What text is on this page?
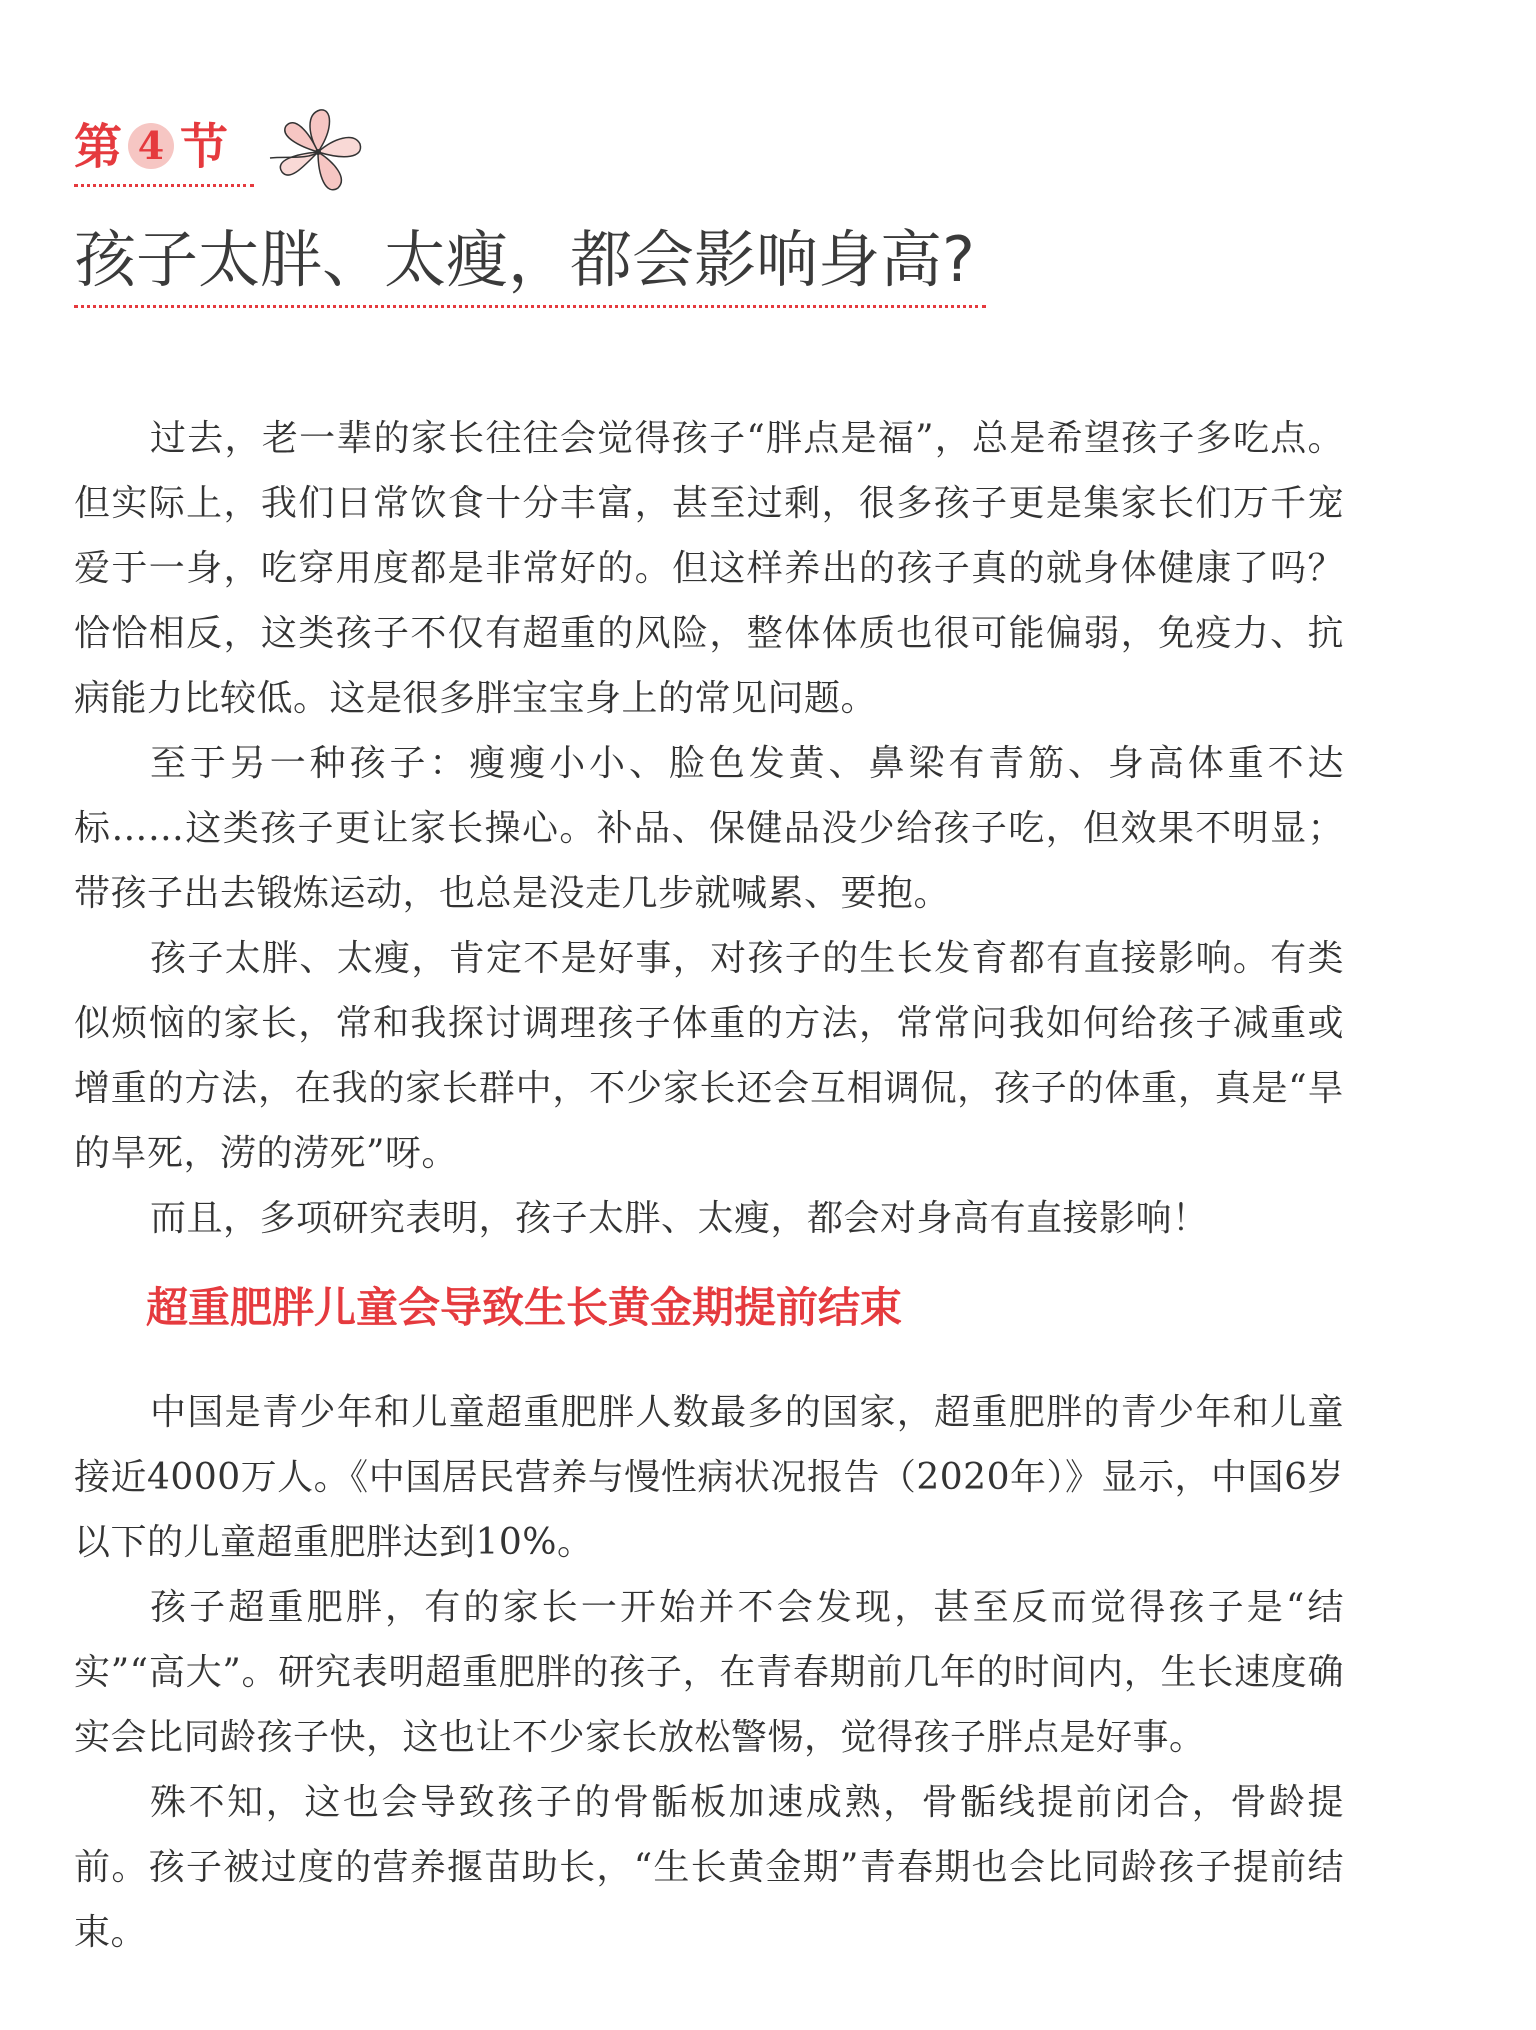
第 4 节
孩子太胖、太瘦，都会影响身高?

过去，老一辈的家长往往会觉得孩子“胖点是福”，总是希望孩子多吃点。但实际上，我们日常饮食十分丰富，甚至过剩，很多孩子更是集家长们万千宠爱于一身，吃穿用度都是非常好的。但这样养出的孩子真的就身体健康了吗？恰恰相反，这类孩子不仅有超重的风险，整体体质也很可能偏弱，免疫力、抗病能力比较低。这是很多胖宝宝身上的常见问题。

至于另一种孩子：瘦瘦小小、脸色发黄、鼻梁有青筋、身高体重不达标……这类孩子更让家长操心。补品、保健品没少给孩子吃，但效果不明显；带孩子出去锻炼运动，也总是没走几步就喊累、要抱。

孩子太胖、太瘦，肯定不是好事，对孩子的生长发育都有直接影响。有类似烦恼的家长，常和我探讨调理孩子体重的方法，常常问我如何给孩子减重或增重的方法，在我的家长群中，不少家长还会互相调侃，孩子的体重，真是“旱的旱死，涝的涝死”呀。

而且，多项研究表明，孩子太胖、太瘦，都会对身高有直接影响！

超重肥胖儿童会导致生长黄金期提前结束

中国是青少年和儿童超重肥胖人数最多的国家，超重肥胖的青少年和儿童接近4000万人。《中国居民营养与慢性病状况报告（2020年）》显示，中国6岁以下的儿童超重肥胖达到10%。

孩子超重肥胖，有的家长一开始并不会发现，甚至反而觉得孩子是“结实”“高大”。研究表明超重肥胖的孩子，在青春期前几年的时间内，生长速度确实会比同龄孩子快，这也让不少家长放松警惕，觉得孩子胖点是好事。

殊不知，这也会导致孩子的骨骺板加速成熟，骨骺线提前闭合，骨龄提前。孩子被过度的营养揠苗助长，“生长黄金期”青春期也会比同龄孩子提前结束。
